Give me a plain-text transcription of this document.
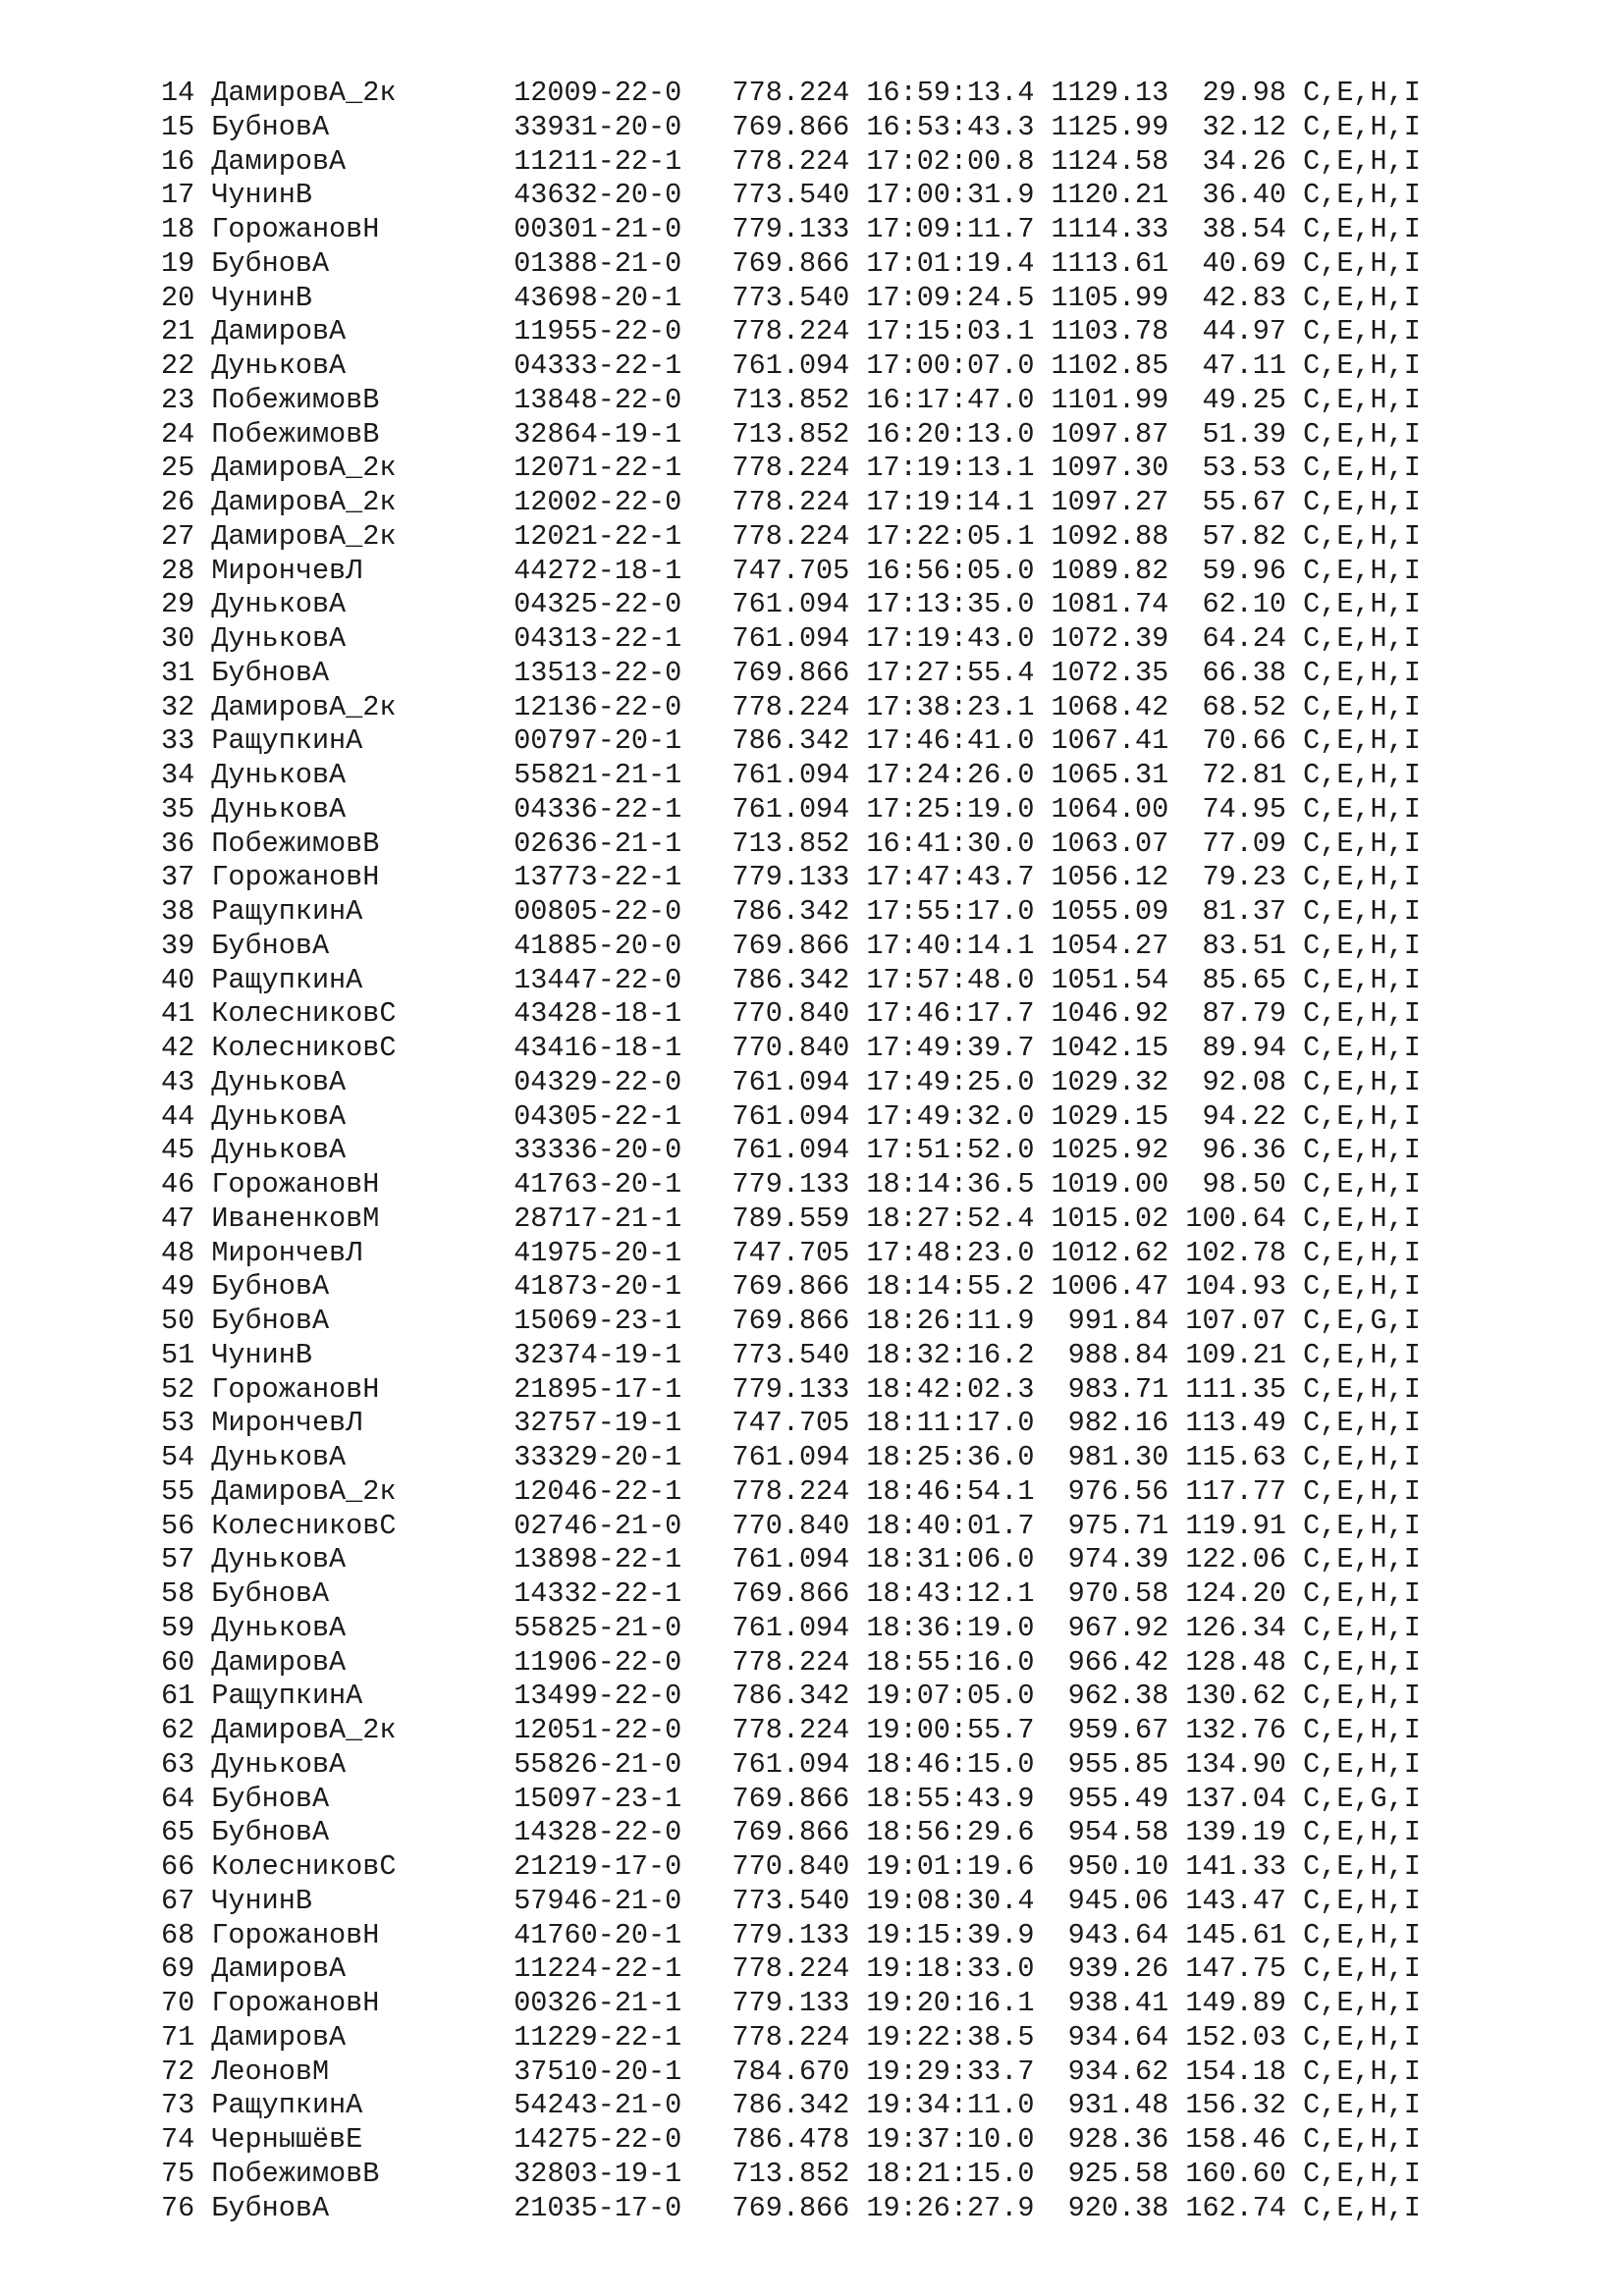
14 ДамировА_2к	12009-22-0 778.224 16:59:13.4 1129.13  29.98 C,E,H,I
15 БубновА	33931-20-0 769.866 16:53:43.3 1125.99  32.12 C,E,H,I
16 ДамировА	11211-22-1 778.224 17:02:00.8 1124.58  34.26 C,E,H,I
17 ЧунинВ	43632-20-0 773.540 17:00:31.9 1120.21  36.40 C,E,H,I
18 ГорожановН	00301-21-0 779.133 17:09:11.7 1114.33  38.54 C,E,H,I
19 БубновА	01388-21-0 769.866 17:01:19.4 1113.61  40.69 C,E,H,I
20 ЧунинВ	43698-20-1 773.540 17:09:24.5 1105.99  42.83 C,E,H,I
21 ДамировА	11955-22-0 778.224 17:15:03.1 1103.78  44.97 C,E,H,I
22 ДуньковА	04333-22-1 761.094 17:00:07.0 1102.85  47.11 C,E,H,I
23 ПобежимовВ	13848-22-0 713.852 16:17:47.0 1101.99  49.25 C,E,H,I
24 ПобежимовВ	32864-19-1 713.852 16:20:13.0 1097.87  51.39 C,E,H,I
25 ДамировА_2к	12071-22-1 778.224 17:19:13.1 1097.30  53.53 C,E,H,I
26 ДамировА_2к	12002-22-0 778.224 17:19:14.1 1097.27  55.67 C,E,H,I
27 ДамировА_2к	12021-22-1 778.224 17:22:05.1 1092.88  57.82 C,E,H,I
28 МирончевЛ	44272-18-1 747.705 16:56:05.0 1089.82  59.96 C,E,H,I
29 ДуньковА	04325-22-0 761.094 17:13:35.0 1081.74  62.10 C,E,H,I
30 ДуньковА	04313-22-1 761.094 17:19:43.0 1072.39  64.24 C,E,H,I
31 БубновА	13513-22-0 769.866 17:27:55.4 1072.35  66.38 C,E,H,I
32 ДамировА_2к	12136-22-0 778.224 17:38:23.1 1068.42  68.52 C,E,H,I
33 РащупкинА	00797-20-1 786.342 17:46:41.0 1067.41  70.66 C,E,H,I
34 ДуньковА	55821-21-1 761.094 17:24:26.0 1065.31  72.81 C,E,H,I
35 ДуньковА	04336-22-1 761.094 17:25:19.0 1064.00  74.95 C,E,H,I
36 ПобежимовВ	02636-21-1 713.852 16:41:30.0 1063.07  77.09 C,E,H,I
37 ГорожановН	13773-22-1 779.133 17:47:43.7 1056.12  79.23 C,E,H,I
38 РащупкинА	00805-22-0 786.342 17:55:17.0 1055.09  81.37 C,E,H,I
39 БубновА	41885-20-0 769.866 17:40:14.1 1054.27  83.51 C,E,H,I
40 РащупкинА	13447-22-0 786.342 17:57:48.0 1051.54  85.65 C,E,H,I
41 КолесниковС	43428-18-1 770.840 17:46:17.7 1046.92  87.79 C,E,H,I
42 КолесниковС	43416-18-1 770.840 17:49:39.7 1042.15  89.94 C,E,H,I
43 ДуньковА	04329-22-0 761.094 17:49:25.0 1029.32  92.08 C,E,H,I
44 ДуньковА	04305-22-1 761.094 17:49:32.0 1029.15  94.22 C,E,H,I
45 ДуньковА	33336-20-0 761.094 17:51:52.0 1025.92  96.36 C,E,H,I
46 ГорожановН	41763-20-1 779.133 18:14:36.5 1019.00  98.50 C,E,H,I
47 ИваненковМ	28717-21-1 789.559 18:27:52.4 1015.02 100.64 C,E,H,I
48 МирончевЛ	41975-20-1 747.705 17:48:23.0 1012.62 102.78 C,E,H,I
49 БубновА	41873-20-1 769.866 18:14:55.2 1006.47 104.93 C,E,H,I
50 БубновА	15069-23-1 769.866 18:26:11.9  991.84 107.07 C,E,G,I
51 ЧунинВ	32374-19-1 773.540 18:32:16.2  988.84 109.21 C,E,H,I
52 ГорожановН	21895-17-1 779.133 18:42:02.3  983.71 111.35 C,E,H,I
53 МирончевЛ	32757-19-1 747.705 18:11:17.0  982.16 113.49 C,E,H,I
54 ДуньковА	33329-20-1 761.094 18:25:36.0  981.30 115.63 C,E,H,I
55 ДамировА_2к	12046-22-1 778.224 18:46:54.1  976.56 117.77 C,E,H,I
56 КолесниковС	02746-21-0 770.840 18:40:01.7  975.71 119.91 C,E,H,I
57 ДуньковА	13898-22-1 761.094 18:31:06.0  974.39 122.06 C,E,H,I
58 БубновА	14332-22-1 769.866 18:43:12.1  970.58 124.20 C,E,H,I
59 ДуньковА	55825-21-0 761.094 18:36:19.0  967.92 126.34 C,E,H,I
60 ДамировА	11906-22-0 778.224 18:55:16.0  966.42 128.48 C,E,H,I
61 РащупкинА	13499-22-0 786.342 19:07:05.0  962.38 130.62 C,E,H,I
62 ДамировА_2к	12051-22-0 778.224 19:00:55.7  959.67 132.76 C,E,H,I
63 ДуньковА	55826-21-0 761.094 18:46:15.0  955.85 134.90 C,E,H,I
64 БубновА	15097-23-1 769.866 18:55:43.9  955.49 137.04 C,E,G,I
65 БубновА	14328-22-0 769.866 18:56:29.6  954.58 139.19 C,E,H,I
66 КолесниковС	21219-17-0 770.840 19:01:19.6  950.10 141.33 C,E,H,I
67 ЧунинВ	57946-21-0 773.540 19:08:30.4  945.06 143.47 C,E,H,I
68 ГорожановН	41760-20-1 779.133 19:15:39.9  943.64 145.61 C,E,H,I
69 ДамировА	11224-22-1 778.224 19:18:33.0  939.26 147.75 C,E,H,I
70 ГорожановН	00326-21-1 779.133 19:20:16.1  938.41 149.89 C,E,H,I
71 ДамировА	11229-22-1 778.224 19:22:38.5  934.64 152.03 C,E,H,I
72 ЛеоновМ	37510-20-1 784.670 19:29:33.7  934.62 154.18 C,E,H,I
73 РащупкинА	54243-21-0 786.342 19:34:11.0  931.48 156.32 C,E,H,I
74 ЧернышёвЕ	14275-22-0 786.478 19:37:10.0  928.36 158.46 C,E,H,I
75 ПобежимовВ	32803-19-1 713.852 18:21:15.0  925.58 160.60 C,E,H,I
76 БубновА	21035-17-0 769.866 19:26:27.9  920.38 162.74 C,E,H,I
